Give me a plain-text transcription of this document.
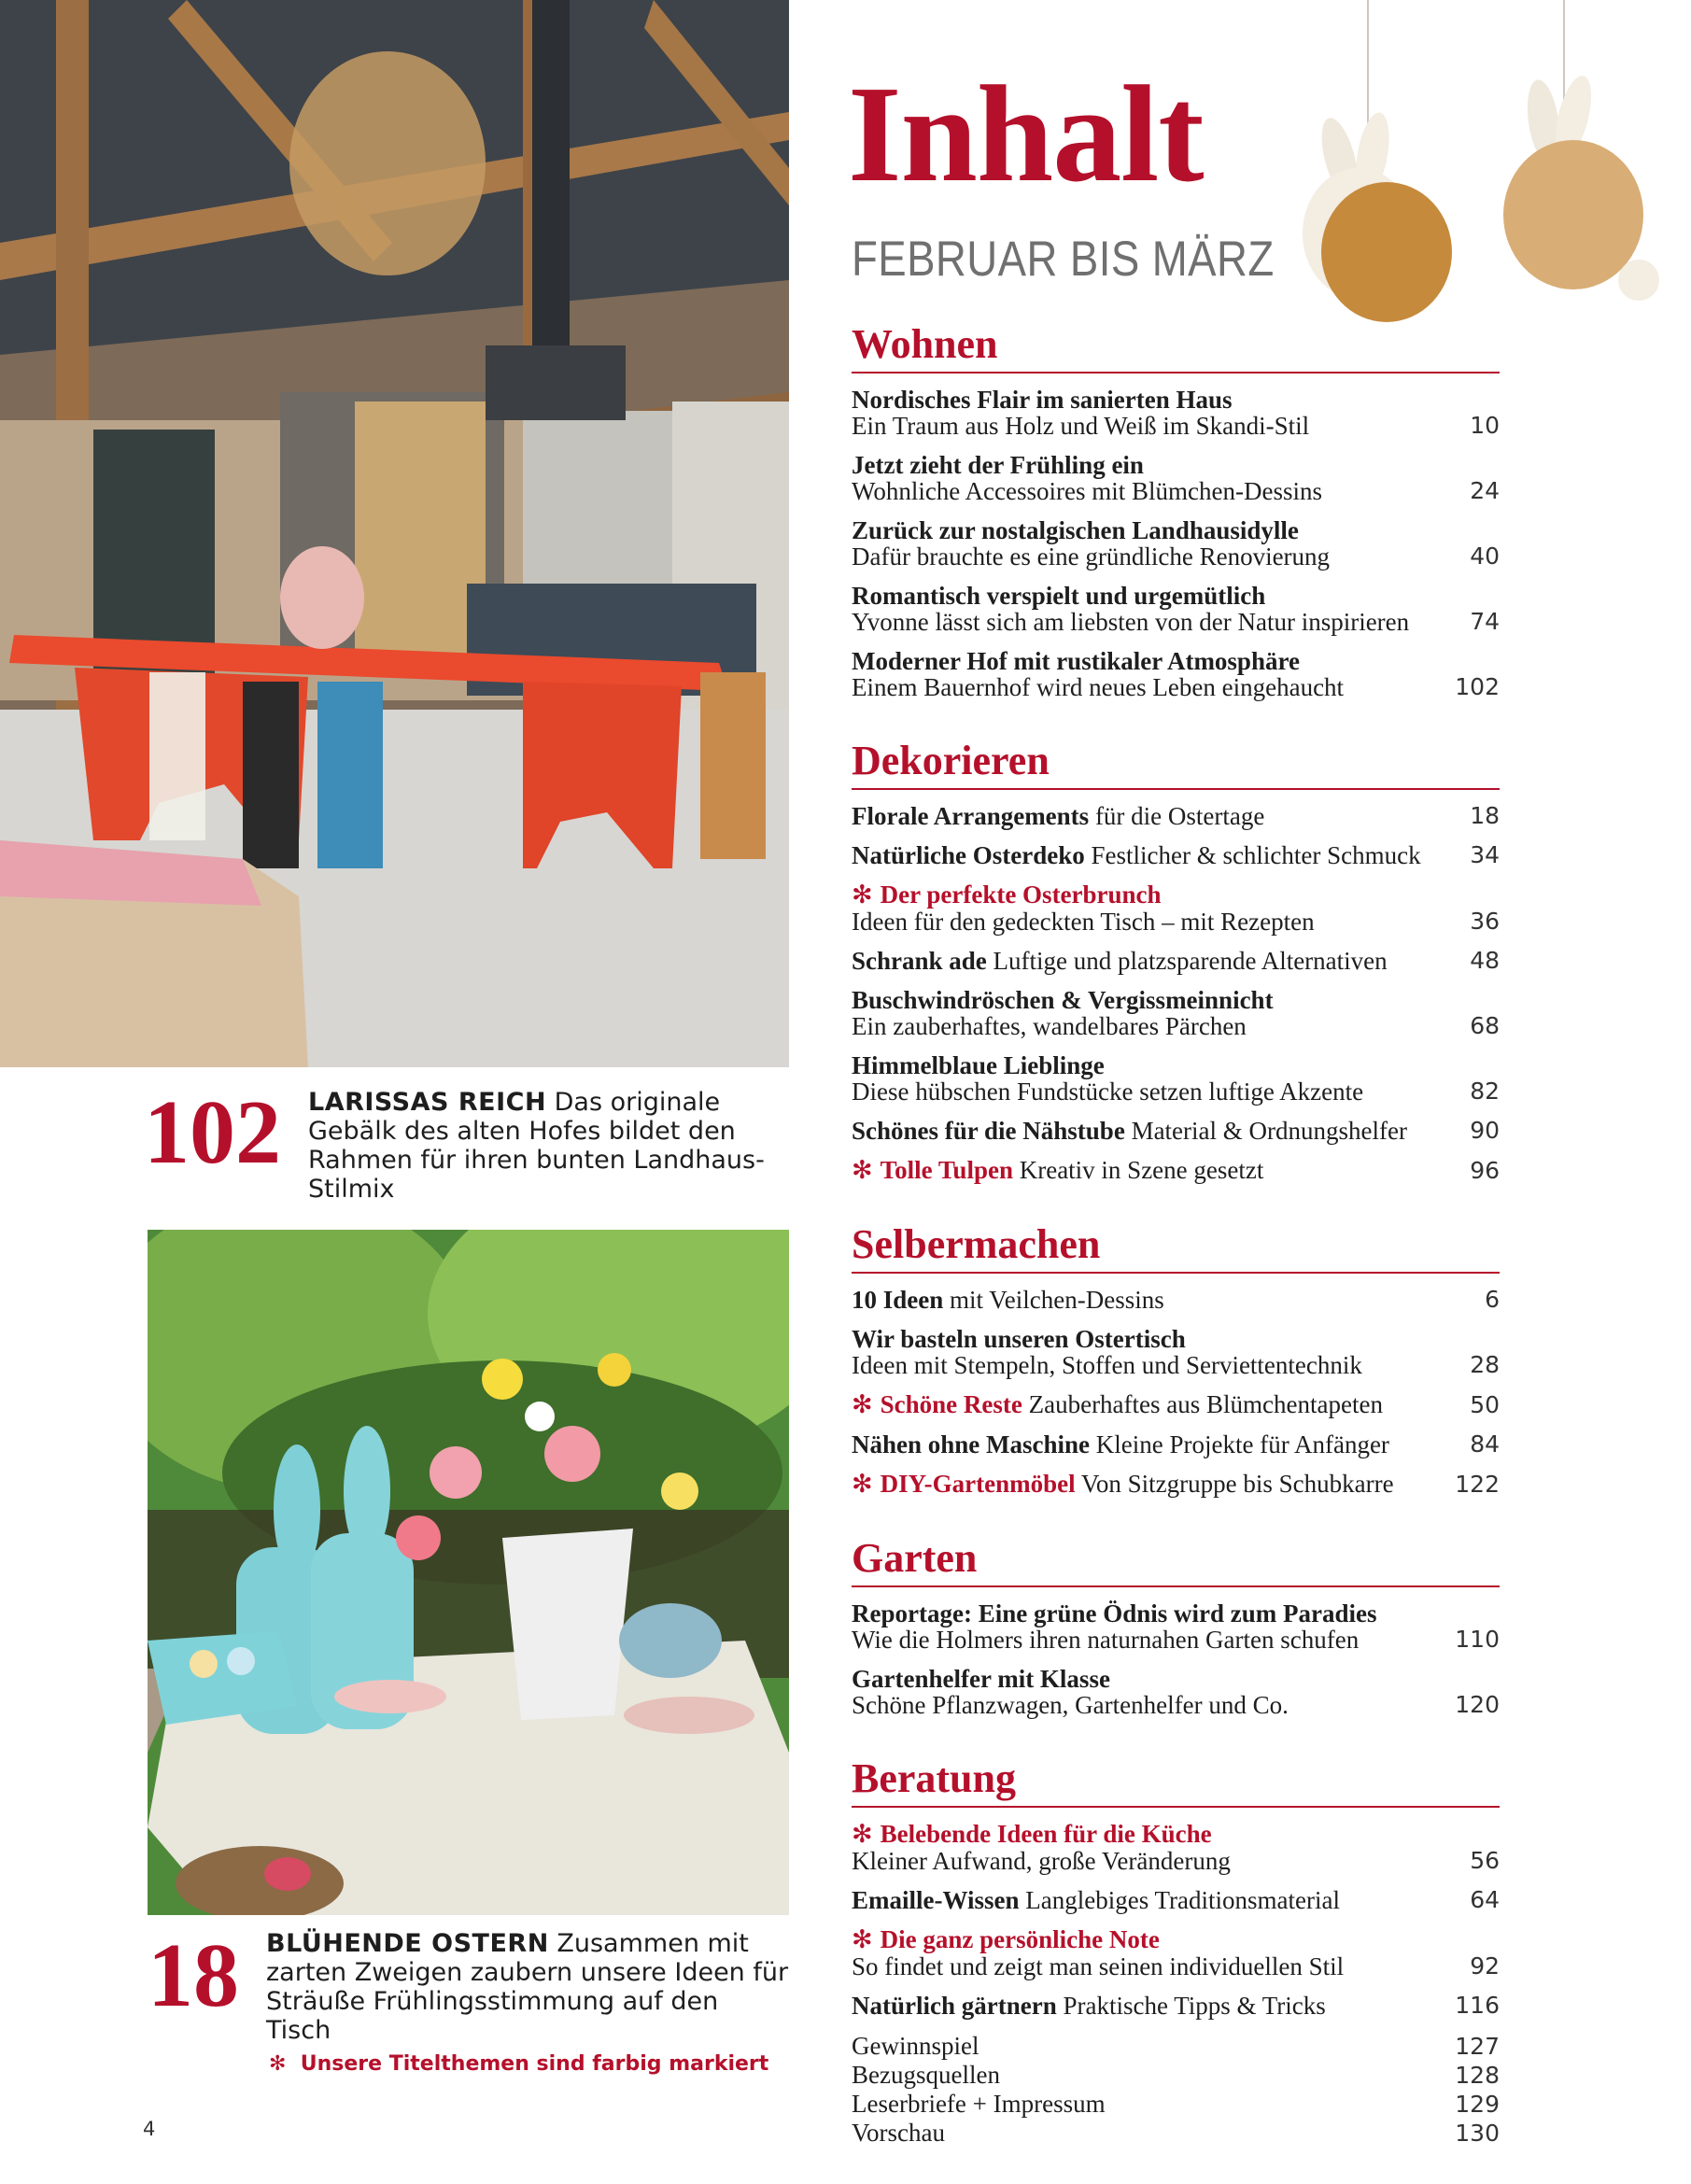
102 LARISSAS REICH Das originale Gebälk des alten Hofes bildet den Rahmen für ihren bunten Landhaus-Stilmix
18 BLÜHENDE OSTERN Zusammen mit zarten Zweigen zaubern unsere Ideen für Sträuße Frühlingsstimmung auf den Tisch
✻ Unsere Titelthemen sind farbig markiert
4
Inhalt
FEBRUAR BIS MÄRZ
Wohnen
Nordisches Flair im sanierten Haus
Ein Traum aus Holz und Weiß im Skandi-Stil	10
Jetzt zieht der Frühling ein
Wohnliche Accessoires mit Blümchen-Dessins	24
Zurück zur nostalgischen Landhausidylle
Dafür brauchte es eine gründliche Renovierung	40
Romantisch verspielt und urgemütlich
Yvonne lässt sich am liebsten von der Natur inspirieren	74
Moderner Hof mit rustikaler Atmosphäre
Einem Bauernhof wird neues Leben eingehaucht	102
Dekorieren
Florale Arrangements für die Ostertage	18
Natürliche Osterdeko Festlicher & schlichter Schmuck	34
✻ Der perfekte Osterbrunch
Ideen für den gedeckten Tisch – mit Rezepten	36
Schrank ade Luftige und platzsparende Alternativen	48
Buschwindröschen & Vergissmeinnicht
Ein zauberhaftes, wandelbares Pärchen	68
Himmelblaue Lieblinge
Diese hübschen Fundstücke setzen luftige Akzente	82
Schönes für die Nähstube Material & Ordnungshelfer	90
✻ Tolle Tulpen Kreativ in Szene gesetzt	96
Selbermachen
10 Ideen mit Veilchen-Dessins	6
Wir basteln unseren Ostertisch
Ideen mit Stempeln, Stoffen und Serviettentechnik	28
✻ Schöne Reste Zauberhaftes aus Blümchentapeten	50
Nähen ohne Maschine Kleine Projekte für Anfänger	84
✻ DIY-Gartenmöbel Von Sitzgruppe bis Schubkarre	122
Garten
Reportage: Eine grüne Ödnis wird zum Paradies
Wie die Holmers ihren naturnahen Garten schufen	110
Gartenhelfer mit Klasse
Schöne Pflanzwagen, Gartenhelfer und Co.	120
Beratung
✻ Belebende Ideen für die Küche
Kleiner Aufwand, große Veränderung	56
Emaille-Wissen Langlebiges Traditionsmaterial	64
✻ Die ganz persönliche Note
So findet und zeigt man seinen individuellen Stil	92
Natürlich gärtnern Praktische Tipps & Tricks	116
Gewinnspiel	127
Bezugsquellen	128
Leserbriefe + Impressum	129
Vorschau	130
